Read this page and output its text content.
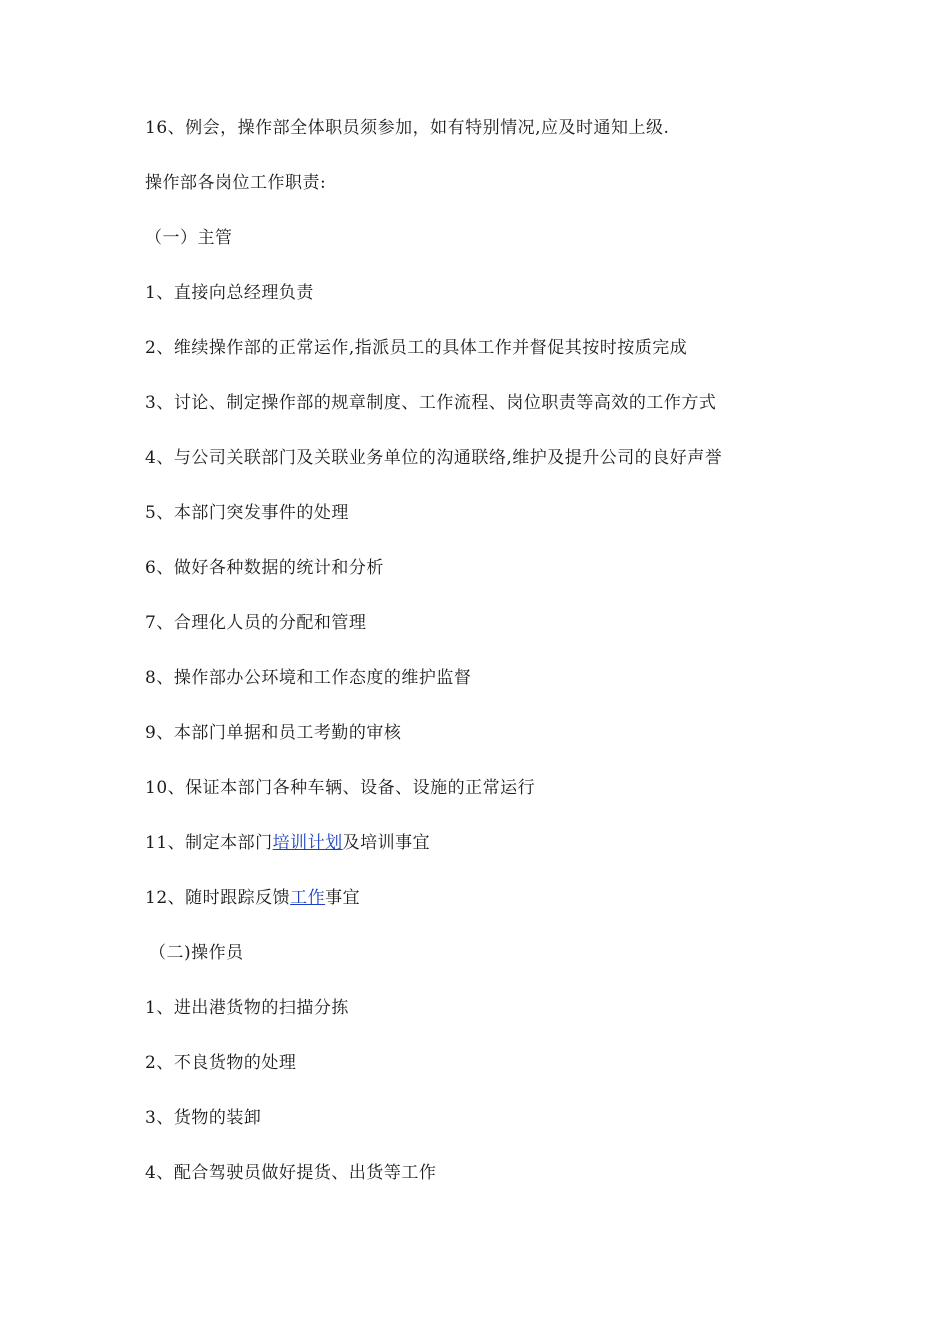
16、例会，操作部全体职员须参加，如有特别情况,应及时通知上级.
操作部各岗位工作职责:
（一）主管
1、直接向总经理负责
2、维续操作部的正常运作,指派员工的具体工作并督促其按时按质完成
3、讨论、制定操作部的规章制度、工作流程、岗位职责等高效的工作方式
4、与公司关联部门及关联业务单位的沟通联络,维护及提升公司的良好声誉
5、本部门突发事件的处理
6、做好各种数据的统计和分析
7、合理化人员的分配和管理
8、操作部办公环境和工作态度的维护监督
9、本部门单据和员工考勤的审核
10、保证本部门各种车辆、设备、设施的正常运行
11、制定本部门培训计划及培训事宜
12、随时跟踪反馈工作事宜
（二)操作员
1、进出港货物的扫描分拣
2、不良货物的处理
3、货物的装卸
4、配合驾驶员做好提货、出货等工作
